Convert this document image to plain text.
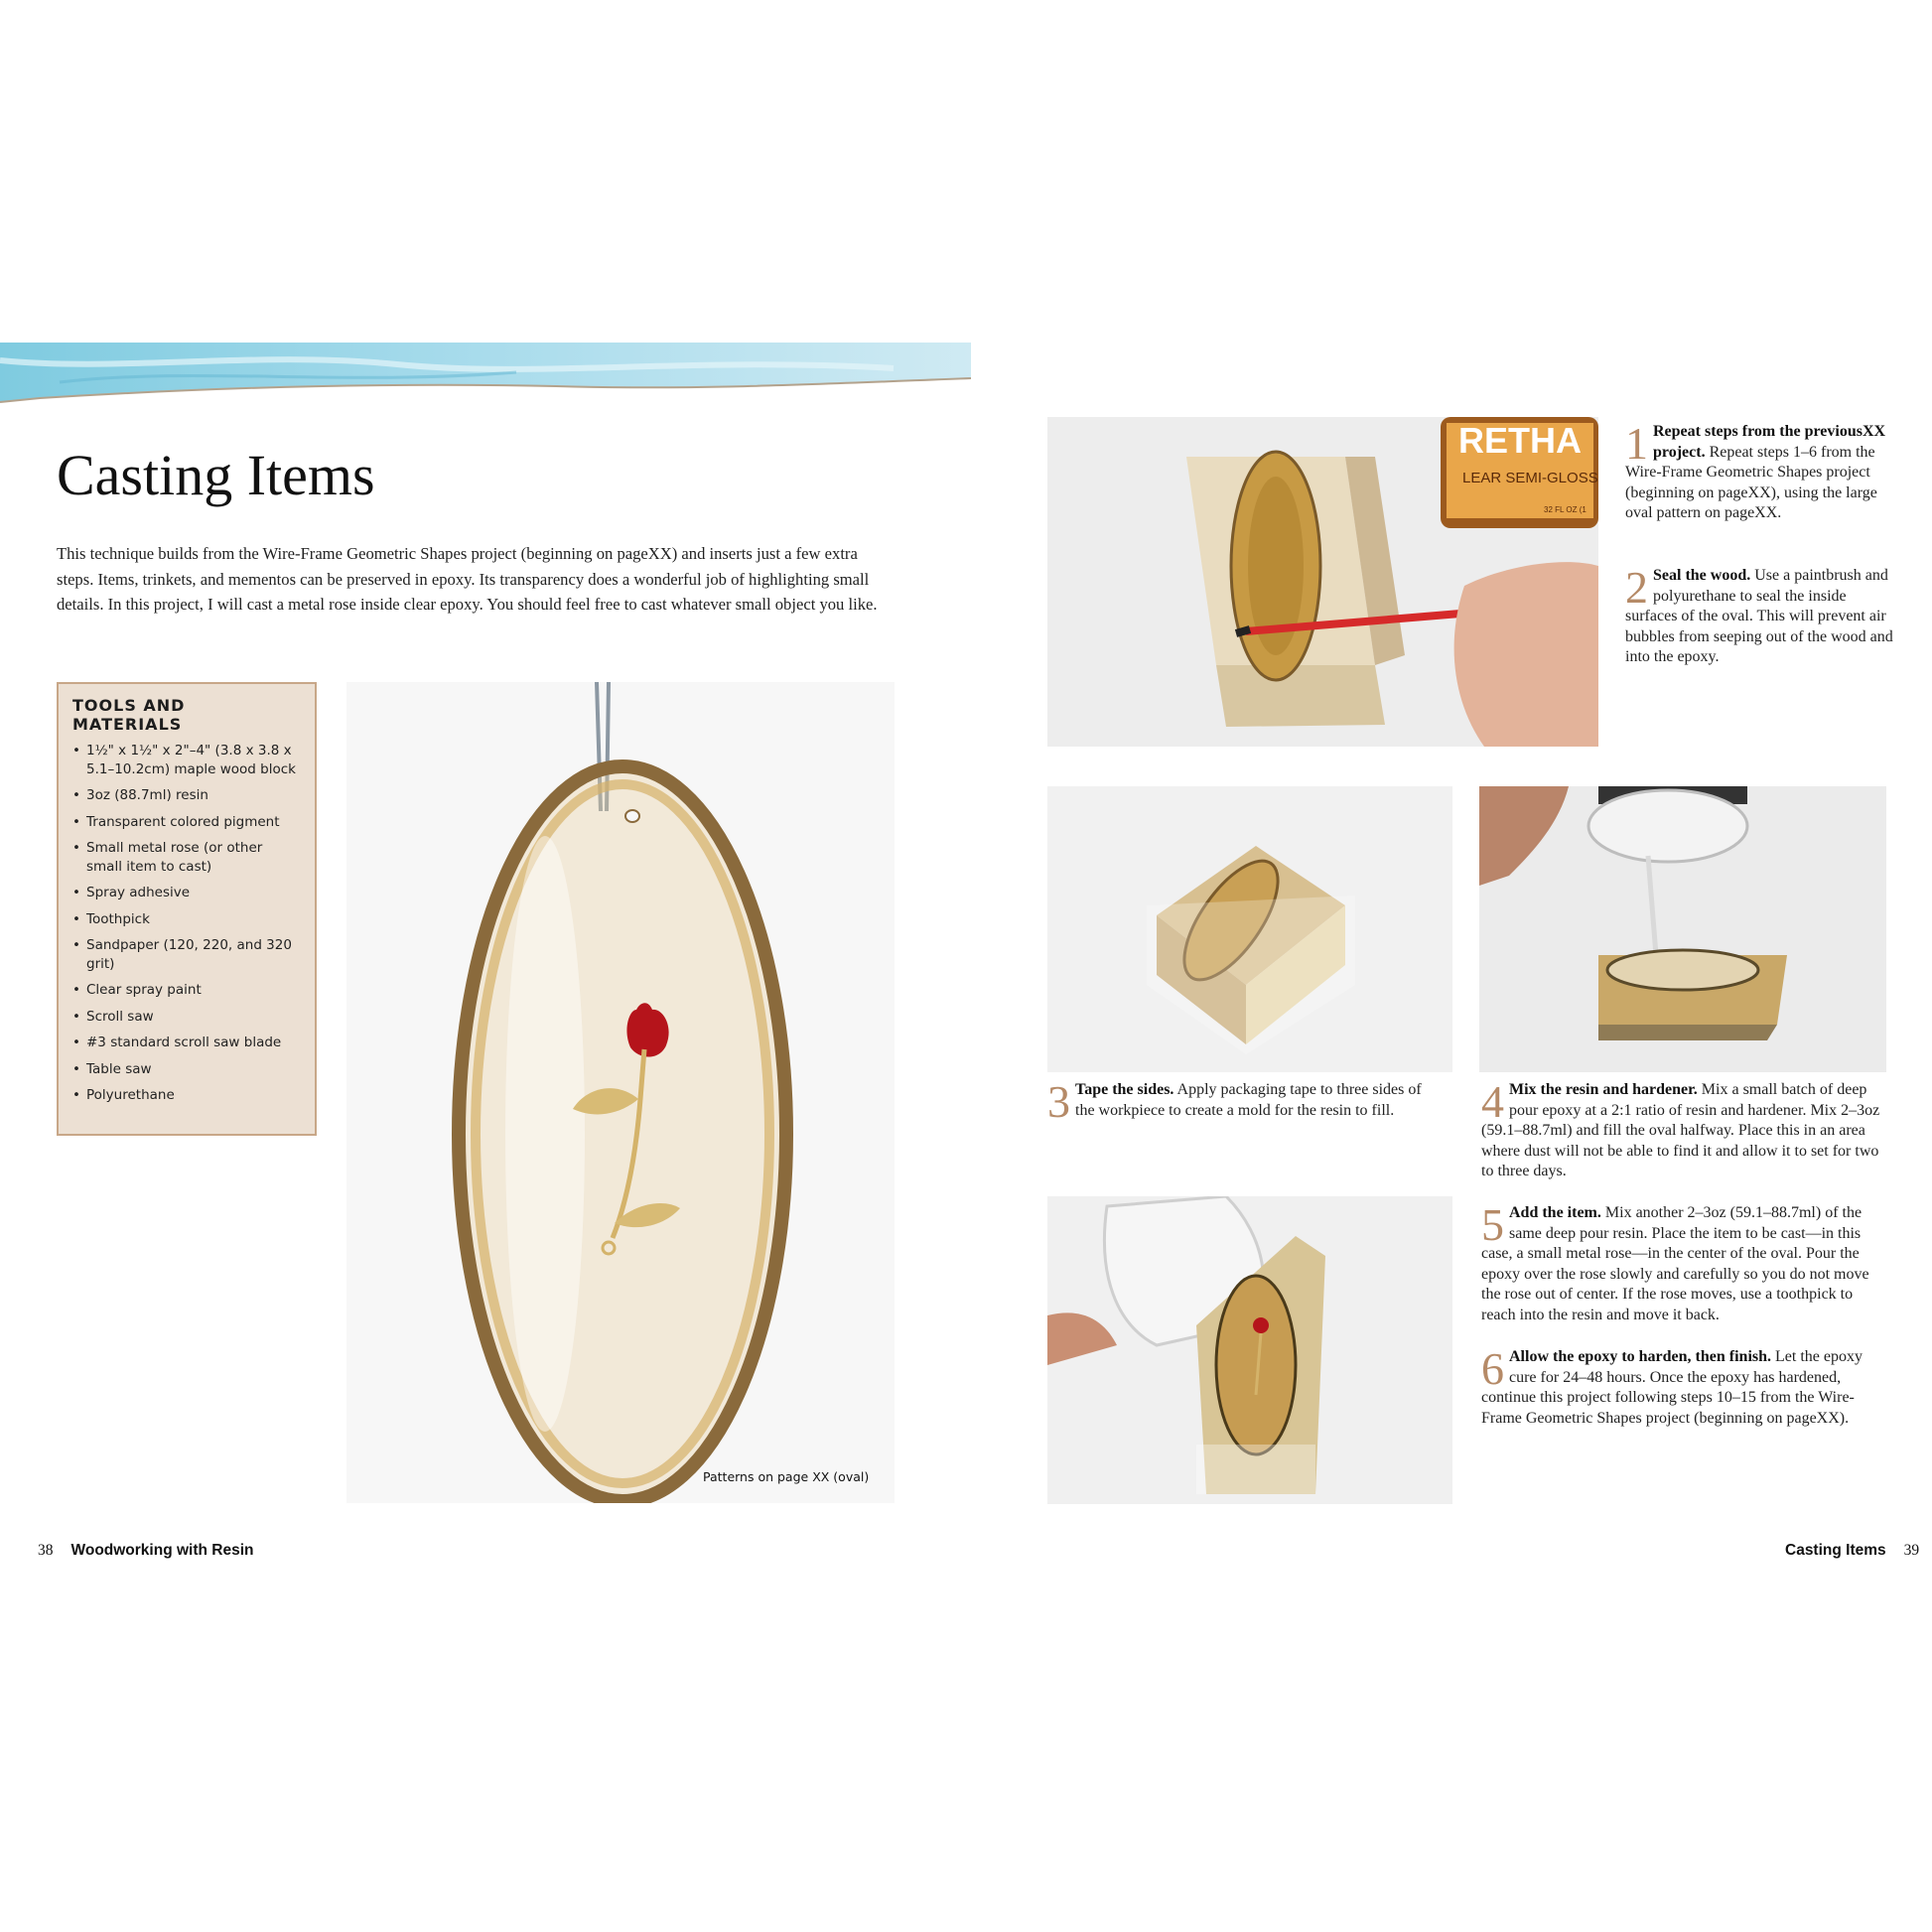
Casting Items

This technique builds from the Wire-Frame Geometric Shapes project (beginning on pageXX) and inserts just a few extra steps. Items, trinkets, and mementos can be preserved in epoxy. Its transparency does a wonderful job of highlighting small details. In this project, I will cast a metal rose inside clear epoxy. You should feel free to cast whatever small object you like.

TOOLS AND MATERIALS
• 1½" x 1½" x 2"–4" (3.8 x 3.8 x 5.1–10.2cm) maple wood block
• 3oz (88.7ml) resin
• Transparent colored pigment
• Small metal rose (or other small item to cast)
• Spray adhesive
• Toothpick
• Sandpaper (120, 220, and 320 grit)
• Clear spray paint
• Scroll saw
• #3 standard scroll saw blade
• Table saw
• Polyurethane
Patterns on page XX (oval)
RETHA
LEAR SEMI-GLOSS
32 FL OZ (1

1 Repeat steps from the previousXX project. Repeat steps 1–6 from the Wire-Frame Geometric Shapes project (beginning on pageXX), using the large oval pattern on pageXX.

2 Seal the wood. Use a paintbrush and polyurethane to seal the inside surfaces of the oval. This will prevent air bubbles from seeping out of the wood and into the epoxy.

3 Tape the sides. Apply packaging tape to three sides of the workpiece to create a mold for the resin to fill.	4 Mix the resin and hardener. Mix a small batch of deep pour epoxy at a 2:1 ratio of resin and hardener. Mix 2–3oz (59.1–88.7ml) and fill the oval halfway. Place this in an area where dust will not be able to find it and allow it to set for two to three days.

5 Add the item. Mix another 2–3oz (59.1–88.7ml) of the same deep pour resin. Place the item to be cast—in this case, a small metal rose—in the center of the oval. Pour the epoxy over the rose slowly and carefully so you do not move the rose out of center. If the rose moves, use a toothpick to reach into the resin and move it back.

6 Allow the epoxy to harden, then finish. Let the epoxy cure for 24–48 hours. Once the epoxy has hardened, continue this project following steps 10–15 from the Wire-Frame Geometric Shapes project (beginning on pageXX).

38 Woodworking with Resin	Casting Items 39
